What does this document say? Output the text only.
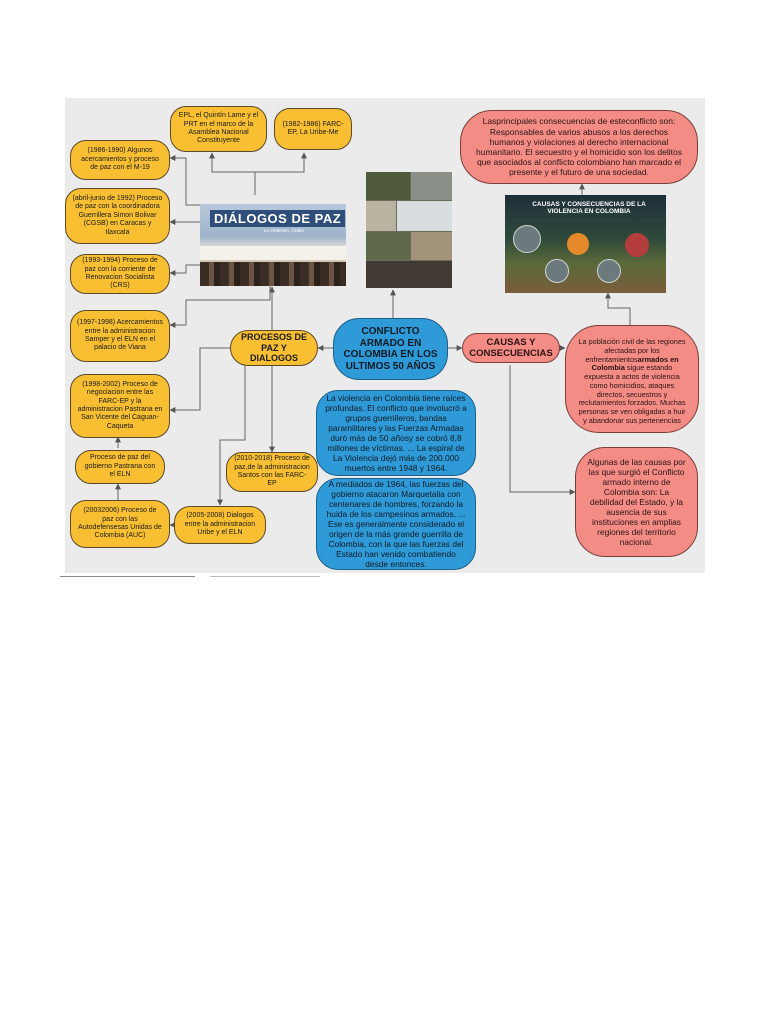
EPL, el Quintín Lame y el PRT en el marco de la Asamblea Nacional Constituyente
(1982-1986) FARC-EP, La Uribe-Me
(1986-1990) Algunos acercamientos y proceso de paz con el M-19
(abril-junio de 1992) Proceso de paz con la coordinadora Guerrillera Simon Bolivar (CGSB) en Caracas y tlaxcala
(1993-1994) Proceso de paz con la corriente de Renovacion Socialista (CRS)
(1997-1998) Acercamientos entre la administracion Samper y el ELN en el palacio de Viana
(1998-2002) Proceso de negociacion entre las FARC-EP y la administracion Pastrana en San Vicente del Caguan-Caqueta
Proceso de paz del gobierno Pastrana con el ELN
(20032006) Proceso de paz con las Autodefensesas Unidas de Colombia (AUC)
(2005-2008) Dialogos entre la administracion Uribe y el ELN
(2010-2018) Proceso de paz,de la administracion Santos con las FARC-EP
PROCESOS DE PAZ Y DIALOGOS
DIÁLOGOS DE PAZ
LA HABANA, CUBA
CONFLICTO ARMADO EN COLOMBIA EN LOS ULTIMOS 50 AÑOS
La violencia en Colombia tiene raíces profundas. El conflicto que involucró a grupos guerrilleros, bandas paramilitares y las Fuerzas Armadas duró más de 50 añosy se cobró 8,8 millones de víctimas. ... La espiral de La Violencia dejó más de 200.000 muertos entre 1948 y 1964.
A mediados de 1964, las fuerzas del gobierno atacaron Marquetalia con centenares de hombres, forzando la huida de los campesinos armados. ... Ese es generalmente considerado el origen de la más grande guerrilla de Colombia, con la que las fuerzas del Estado han venido combatiendo desde entonces.
CAUSAS Y CONSECUENCIAS
Lasprincipales consecuencias de esteconflicto son: Responsables de varios abusos a los derechos humanos y violaciones al derecho internacional humanitario. El secuestro y el homicidio son los delitos que asociados al conflicto colombiano han marcado el presente y el futuro de una sociedad.
La población civil de las regiones afectadas por los enfrentamientosarmados en Colombia sigue estando expuesta a actos de violencia como homicidios, ataques directos, secuestros y reclutamientos forzados. Muchas personas se ven obligadas a huir y abandonar sus pertenencias
Algunas de las causas por las que surgió el Conflicto armado interno de Colombia son: La debilidad del Estado, y la ausencia de sus instituciones en amplias regiones del territorio nacional.
CAUSAS Y CONSECUENCIAS DE LA VIOLENCIA EN COLOMBIA
